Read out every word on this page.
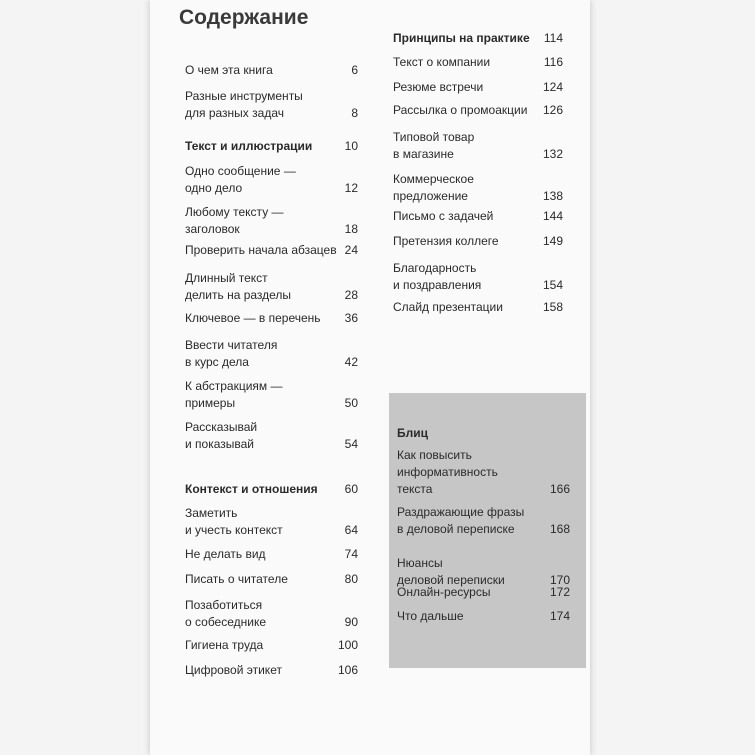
Содержание
О чем эта книга	6
Разные инструменты
для разных задач	8
Текст и иллюстрации	10
Одно сообщение —
одно дело	12
Любому тексту —
заголовок	18
Проверить начала абзацев 24
Длинный текст
делить на разделы	28
Ключевое — в перечень	36
Ввести читателя
в курс дела	42
К абстракциям —
примеры	50
Рассказывай
и показывай	54
Контекст и отношения	60
Заметить
и учесть контекст	64
Не делать вид	74
Писать о читателе	80
Позаботиться
о собеседнике	90
Гигиена труда	100
Цифровой этикет	106
Принципы на практике	114
Текст о компании	116
Резюме встречи	124
Рассылка о промоакции	126
Типовой товар
в магазине	132
Коммерческое
предложение	138
Письмо с задачей	144
Претензия коллеге	149
Благодарность
и поздравления	154
Слайд презентации	158
Блиц
Как повысить
информативность
текста	166
Раздражающие фразы
в деловой переписке	168
Нюансы
деловой переписки	170
Онлайн-ресурсы	172
Что дальше	174
